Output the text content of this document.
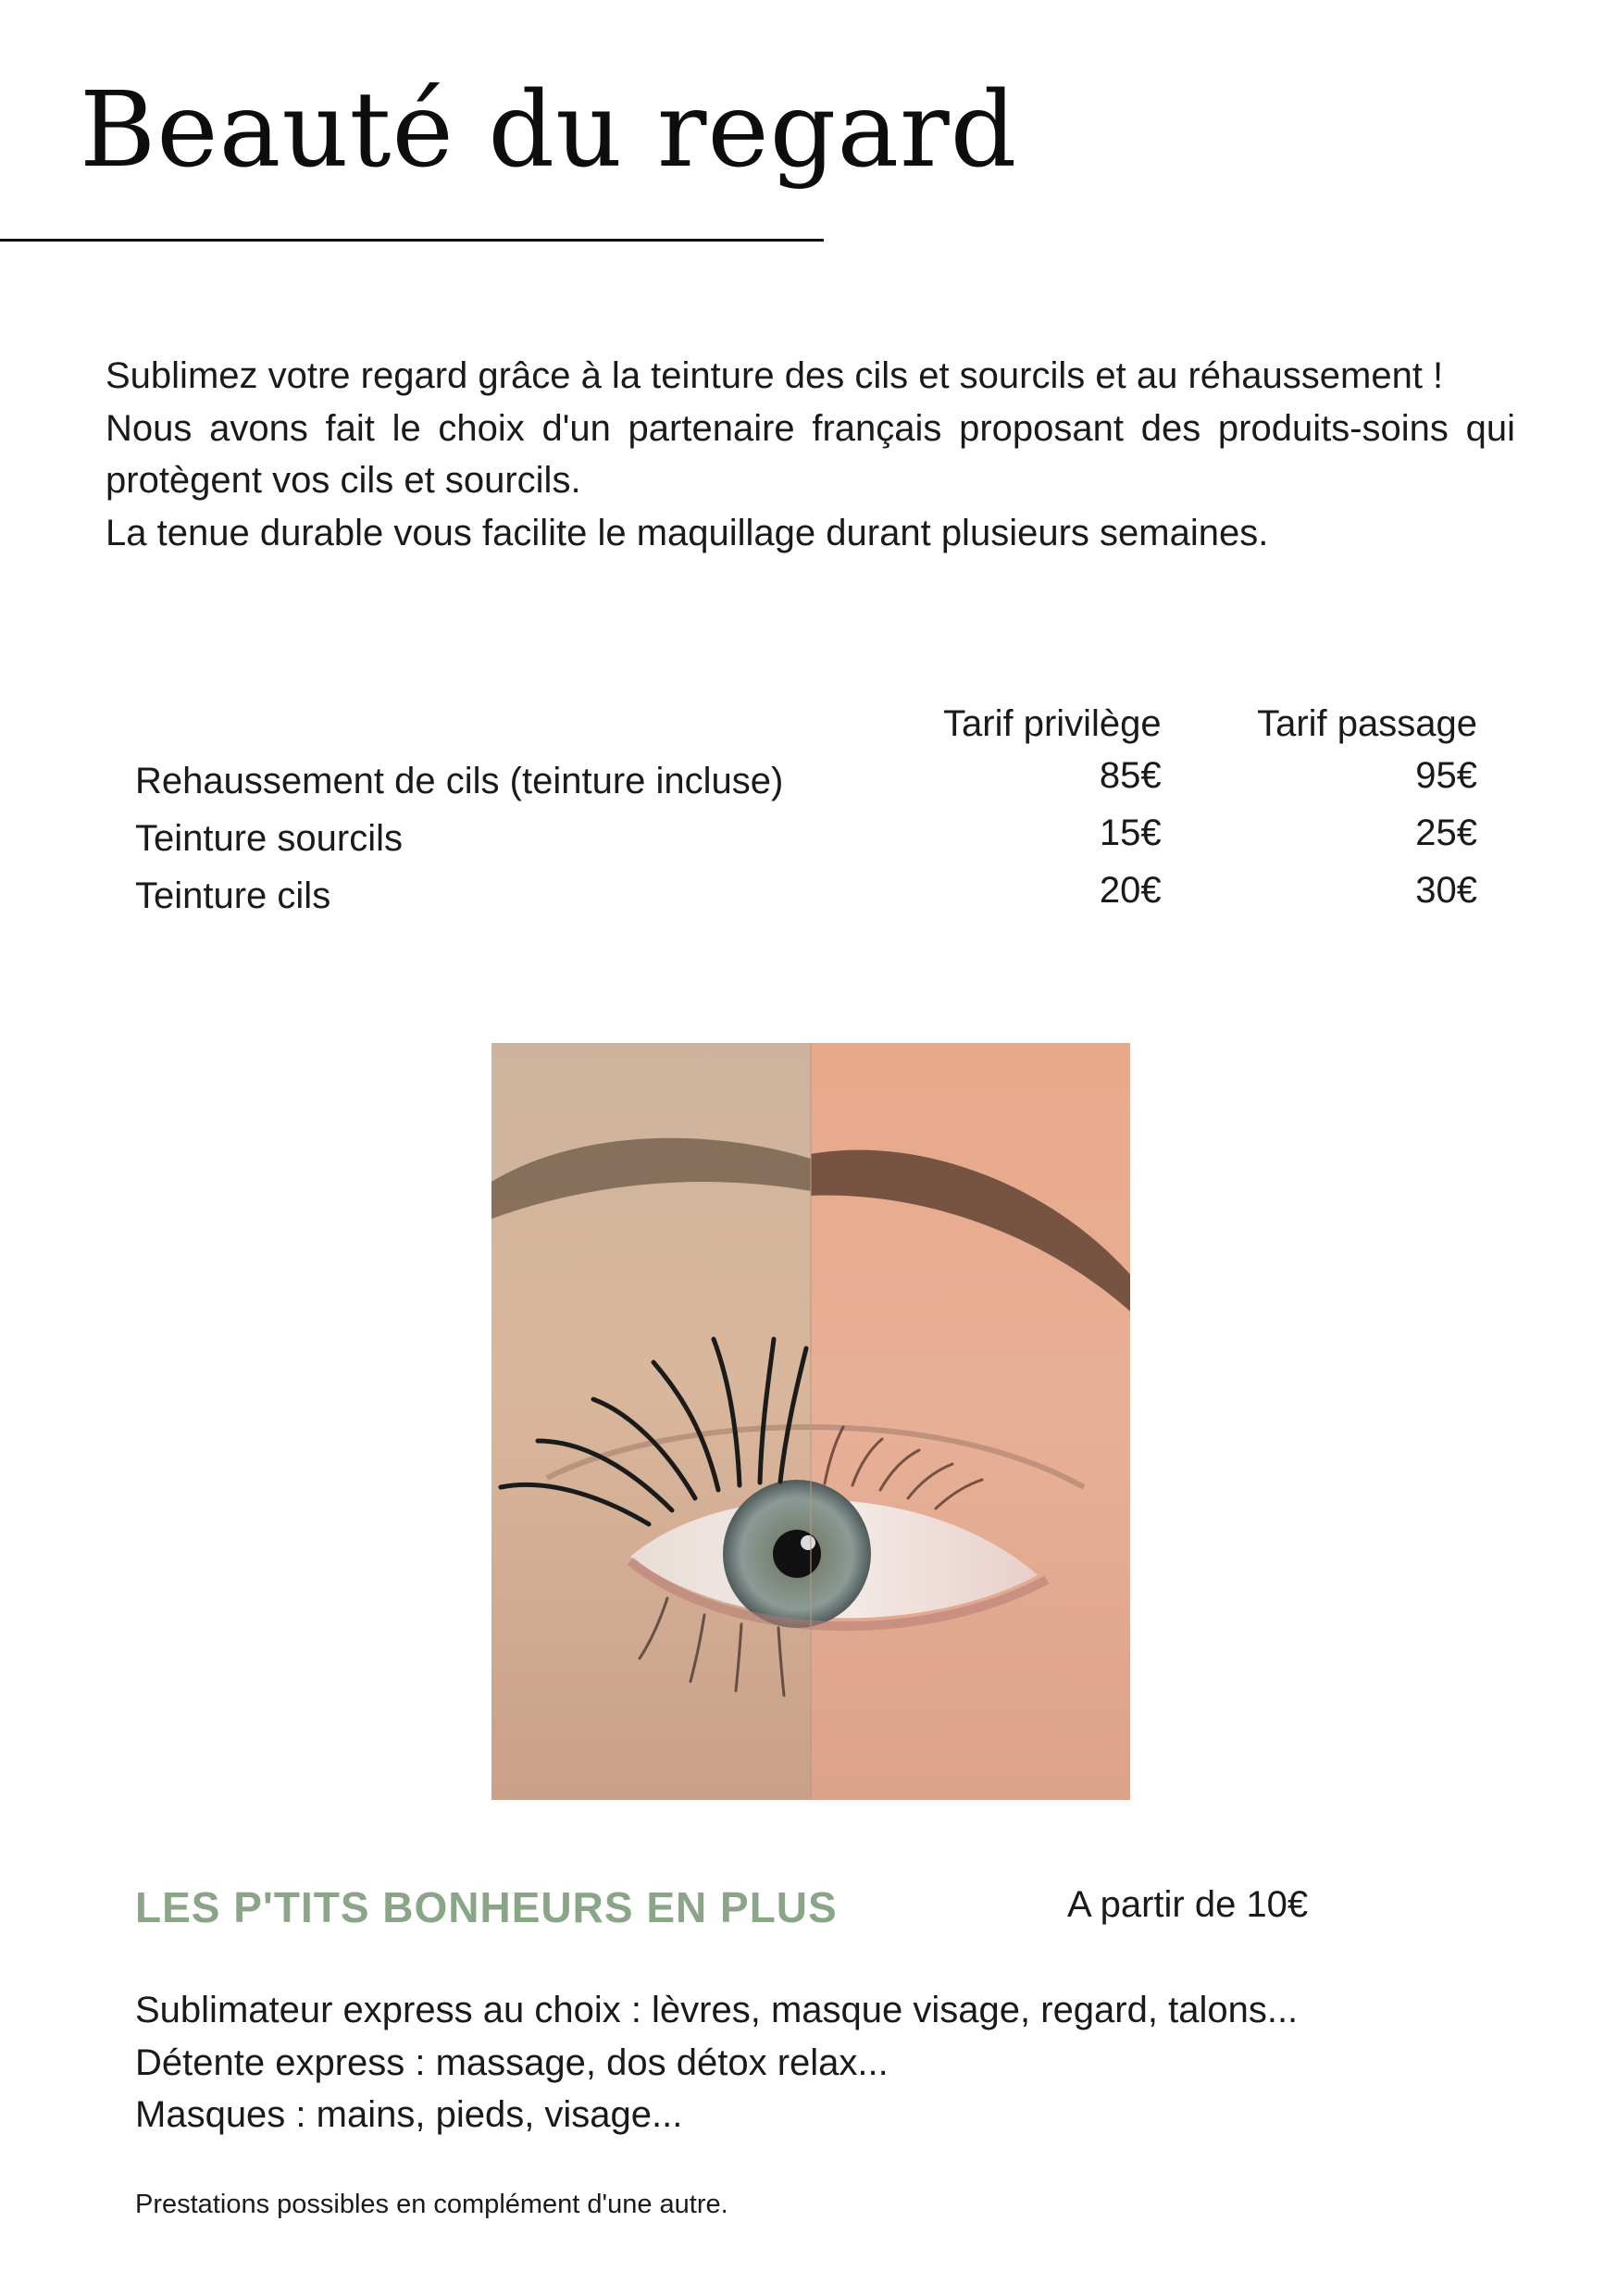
Beauté du regard

Sublimez votre regard grâce à la teinture des cils et sourcils et au réhaussement !

Nous avons fait le choix d'un partenaire français proposant des produits-soins qui protègent vos cils et sourcils.

La tenue durable vous facilite le maquillage durant plusieurs semaines.

	Tarif privilège	Tarif passage
Rehaussement de cils (teinture incluse)	85€	95€
Teinture sourcils	15€	25€
Teinture cils	20€	30€
LES P'TITS BONHEURS EN PLUS	A partir de 10€
Sublimateur express au choix : lèvres, masque visage, regard, talons...
Détente express : massage, dos détox relax...
Masques : mains, pieds, visage...

Prestations possibles en complément d'une autre.
